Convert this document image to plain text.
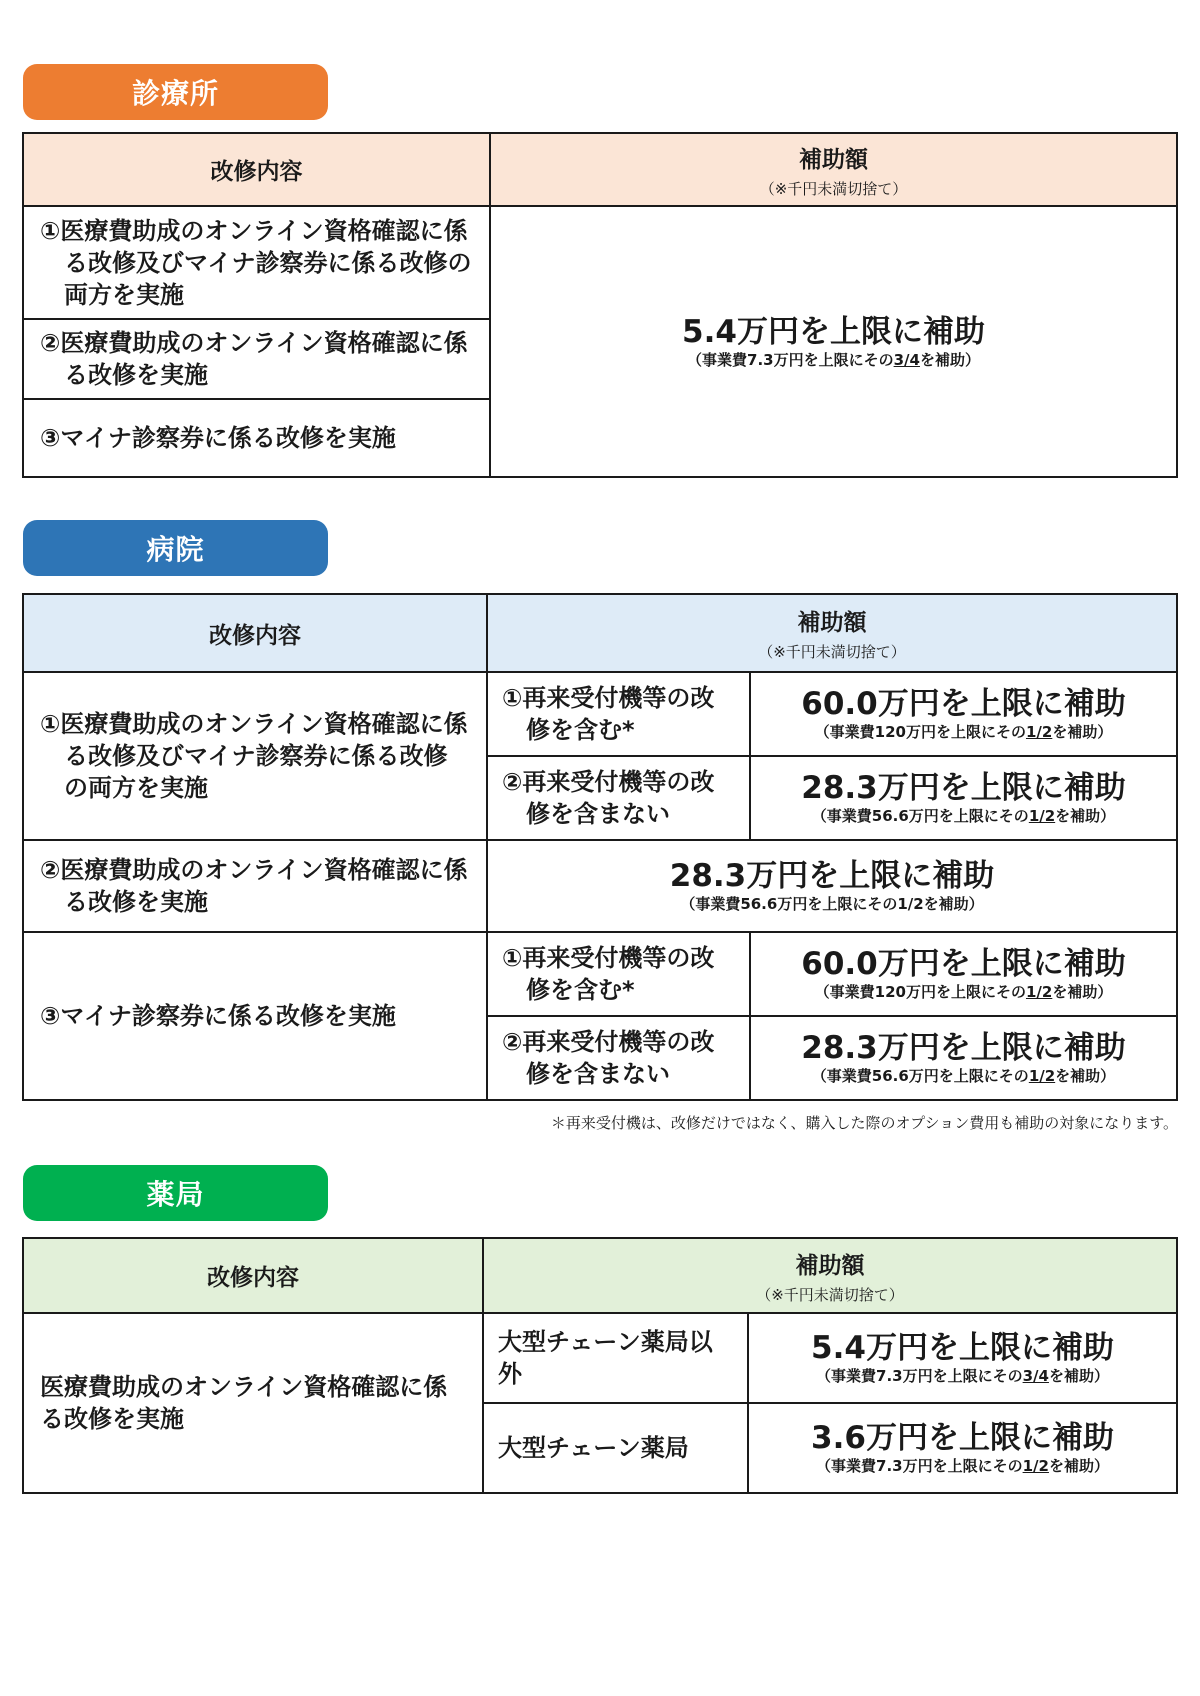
診療所
改修内容	補助額
（※千円未満切捨て）

①医療費助成のオンライン資格確認に係る改修及びマイナ診察券に係る改修の両方を実施	5.4万円を上限に補助
（事業費7.3万円を上限にその3/4を補助）

②医療費助成のオンライン資格確認に係る改修を実施	
③マイナ診察券に係る改修を実施	
病院
改修内容	補助額
（※千円未満切捨て）	

①医療費助成のオンライン資格確認に係る改修及びマイナ診察券に係る改修の両方を実施	①再来受付機等の改修を含む*	60.0万円を上限に補助
（事業費120万円を上限にその1/2を補助）

	②再来受付機等の改修を含まない	28.3万円を上限に補助
（事業費56.6万円を上限にその1/2を補助）

②医療費助成のオンライン資格確認に係る改修を実施	28.3万円を上限に補助
（事業費56.6万円を上限にその1/2を補助）	

③マイナ診察券に係る改修を実施	①再来受付機等の改修を含む*	60.0万円を上限に補助
（事業費120万円を上限にその1/2を補助）

	②再来受付機等の改修を含まない	28.3万円を上限に補助
（事業費56.6万円を上限にその1/2を補助）
＊再来受付機は、改修だけではなく、購入した際のオプション費用も補助の対象になります。
薬局
改修内容	補助額
（※千円未満切捨て）	

医療費助成のオンライン資格確認に係る改修を実施	大型チェーン薬局以外	5.4万円を上限に補助
（事業費7.3万円を上限にその3/4を補助）

	大型チェーン薬局	3.6万円を上限に補助
（事業費7.3万円を上限にその1/2を補助）
